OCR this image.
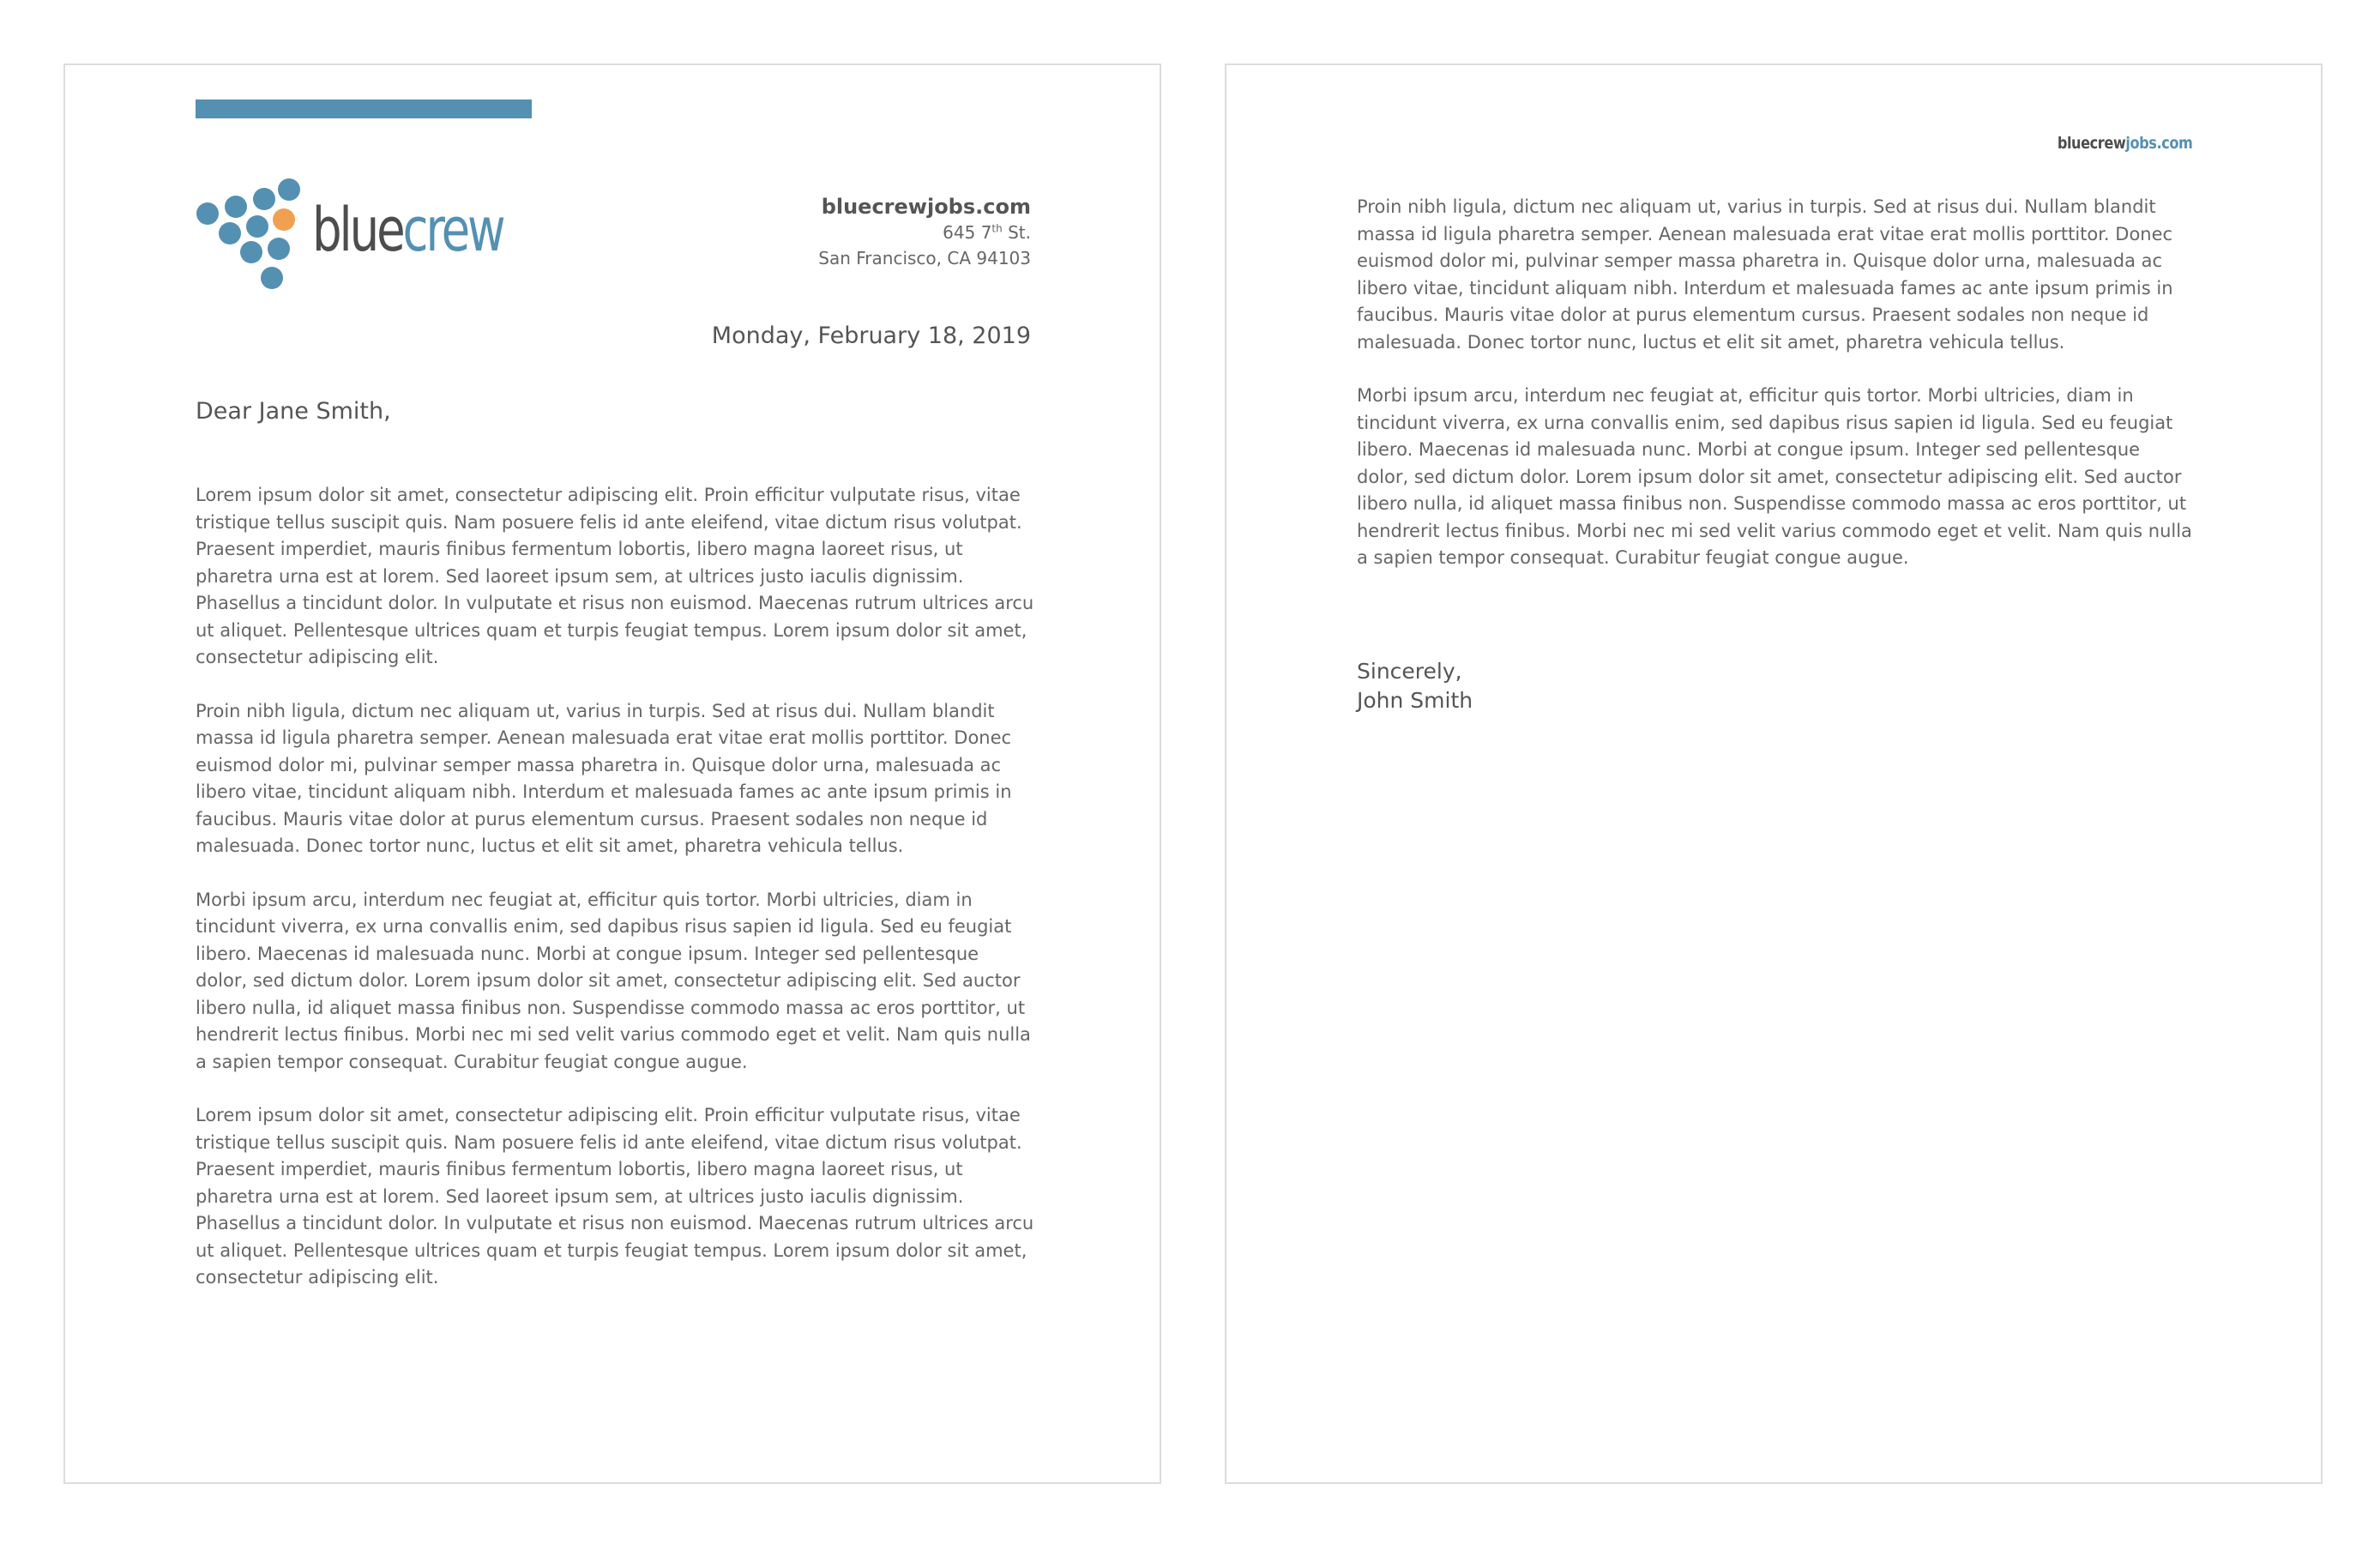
bluecrew	bluecrewjobs.com
645 7th St.
San Francisco, CA 94103
Monday, February 18, 2019
Dear Jane Smith,

Lorem ipsum dolor sit amet, consectetur adipiscing elit. Proin efficitur vulputate risus, vitae tristique tellus suscipit quis. Nam posuere felis id ante eleifend, vitae dictum risus volutpat. Praesent imperdiet, mauris finibus fermentum lobortis, libero magna laoreet risus, ut pharetra urna est at lorem. Sed laoreet ipsum sem, at ultrices justo iaculis dignissim. Phasellus a tincidunt dolor. In vulputate et risus non euismod. Maecenas rutrum ultrices arcu ut aliquet. Pellentesque ultrices quam et turpis feugiat tempus. Lorem ipsum dolor sit amet, consectetur adipiscing elit.

Proin nibh ligula, dictum nec aliquam ut, varius in turpis. Sed at risus dui. Nullam blandit massa id ligula pharetra semper. Aenean malesuada erat vitae erat mollis porttitor. Donec euismod dolor mi, pulvinar semper massa pharetra in. Quisque dolor urna, malesuada ac libero vitae, tincidunt aliquam nibh. Interdum et malesuada fames ac ante ipsum primis in faucibus. Mauris vitae dolor at purus elementum cursus. Praesent sodales non neque id malesuada. Donec tortor nunc, luctus et elit sit amet, pharetra vehicula tellus.

Morbi ipsum arcu, interdum nec feugiat at, efficitur quis tortor. Morbi ultricies, diam in tincidunt viverra, ex urna convallis enim, sed dapibus risus sapien id ligula. Sed eu feugiat libero. Maecenas id malesuada nunc. Morbi at congue ipsum. Integer sed pellentesque dolor, sed dictum dolor. Lorem ipsum dolor sit amet, consectetur adipiscing elit. Sed auctor libero nulla, id aliquet massa finibus non. Suspendisse commodo massa ac eros porttitor, ut hendrerit lectus finibus. Morbi nec mi sed velit varius commodo eget et velit. Nam quis nulla a sapien tempor consequat. Curabitur feugiat congue augue.

Lorem ipsum dolor sit amet, consectetur adipiscing elit. Proin efficitur vulputate risus, vitae tristique tellus suscipit quis. Nam posuere felis id ante eleifend, vitae dictum risus volutpat. Praesent imperdiet, mauris finibus fermentum lobortis, libero magna laoreet risus, ut pharetra urna est at lorem. Sed laoreet ipsum sem, at ultrices justo iaculis dignissim. Phasellus a tincidunt dolor. In vulputate et risus non euismod. Maecenas rutrum ultrices arcu ut aliquet. Pellentesque ultrices quam et turpis feugiat tempus. Lorem ipsum dolor sit amet, consectetur adipiscing elit.

bluecrewjobs.com

Proin nibh ligula, dictum nec aliquam ut, varius in turpis. Sed at risus dui. Nullam blandit massa id ligula pharetra semper. Aenean malesuada erat vitae erat mollis porttitor. Donec euismod dolor mi, pulvinar semper massa pharetra in. Quisque dolor urna, malesuada ac libero vitae, tincidunt aliquam nibh. Interdum et malesuada fames ac ante ipsum primis in faucibus. Mauris vitae dolor at purus elementum cursus. Praesent sodales non neque id malesuada. Donec tortor nunc, luctus et elit sit amet, pharetra vehicula tellus.

Morbi ipsum arcu, interdum nec feugiat at, efficitur quis tortor. Morbi ultricies, diam in tincidunt viverra, ex urna convallis enim, sed dapibus risus sapien id ligula. Sed eu feugiat libero. Maecenas id malesuada nunc. Morbi at congue ipsum. Integer sed pellentesque dolor, sed dictum dolor. Lorem ipsum dolor sit amet, consectetur adipiscing elit. Sed auctor libero nulla, id aliquet massa finibus non. Suspendisse commodo massa ac eros porttitor, ut hendrerit lectus finibus. Morbi nec mi sed velit varius commodo eget et velit. Nam quis nulla a sapien tempor consequat. Curabitur feugiat congue augue.

Sincerely,
John Smith
